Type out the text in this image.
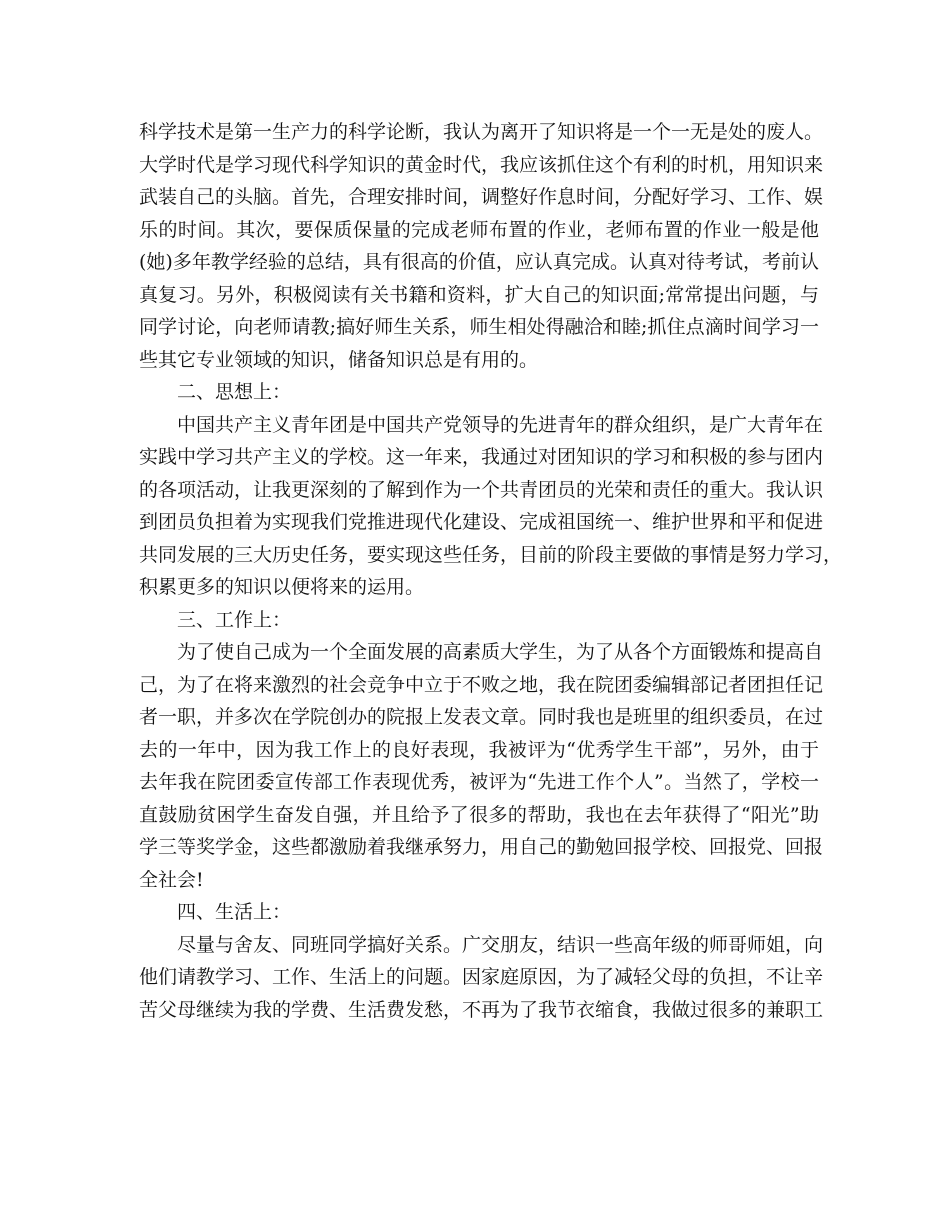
科学技术是第一生产力的科学论断，我认为离开了知识将是一个一无是处的废人。
大学时代是学习现代科学知识的黄金时代，我应该抓住这个有利的时机，用知识来
武装自己的头脑。首先，合理安排时间，调整好作息时间，分配好学习、工作、娱
乐的时间。其次，要保质保量的完成老师布置的作业，老师布置的作业一般是他
(她)多年教学经验的总结，具有很高的价值，应认真完成。认真对待考试，考前认
真复习。另外，积极阅读有关书籍和资料，扩大自己的知识面;常常提出问题，与
同学讨论，向老师请教;搞好师生关系，师生相处得融洽和睦;抓住点滴时间学习一
些其它专业领域的知识，储备知识总是有用的。
二、思想上：
中国共产主义青年团是中国共产党领导的先进青年的群众组织，是广大青年在
实践中学习共产主义的学校。这一年来，我通过对团知识的学习和积极的参与团内
的各项活动，让我更深刻的了解到作为一个共青团员的光荣和责任的重大。我认识
到团员负担着为实现我们党推进现代化建设、完成祖国统一、维护世界和平和促进
共同发展的三大历史任务，要实现这些任务，目前的阶段主要做的事情是努力学习，
积累更多的知识以便将来的运用。
三、工作上：
为了使自己成为一个全面发展的高素质大学生，为了从各个方面锻炼和提高自
己，为了在将来激烈的社会竞争中立于不败之地，我在院团委编辑部记者团担任记
者一职，并多次在学院创办的院报上发表文章。同时我也是班里的组织委员，在过
去的一年中，因为我工作上的良好表现，我被评为“优秀学生干部”，另外，由于
去年我在院团委宣传部工作表现优秀，被评为“先进工作个人”。当然了，学校一
直鼓励贫困学生奋发自强，并且给予了很多的帮助，我也在去年获得了“阳光”助
学三等奖学金，这些都激励着我继承努力，用自己的勤勉回报学校、回报党、回报
全社会!
四、生活上：
尽量与舍友、同班同学搞好关系。广交朋友，结识一些高年级的师哥师姐，向
他们请教学习、工作、生活上的问题。因家庭原因，为了减轻父母的负担，不让辛
苦父母继续为我的学费、生活费发愁，不再为了我节衣缩食，我做过很多的兼职工
